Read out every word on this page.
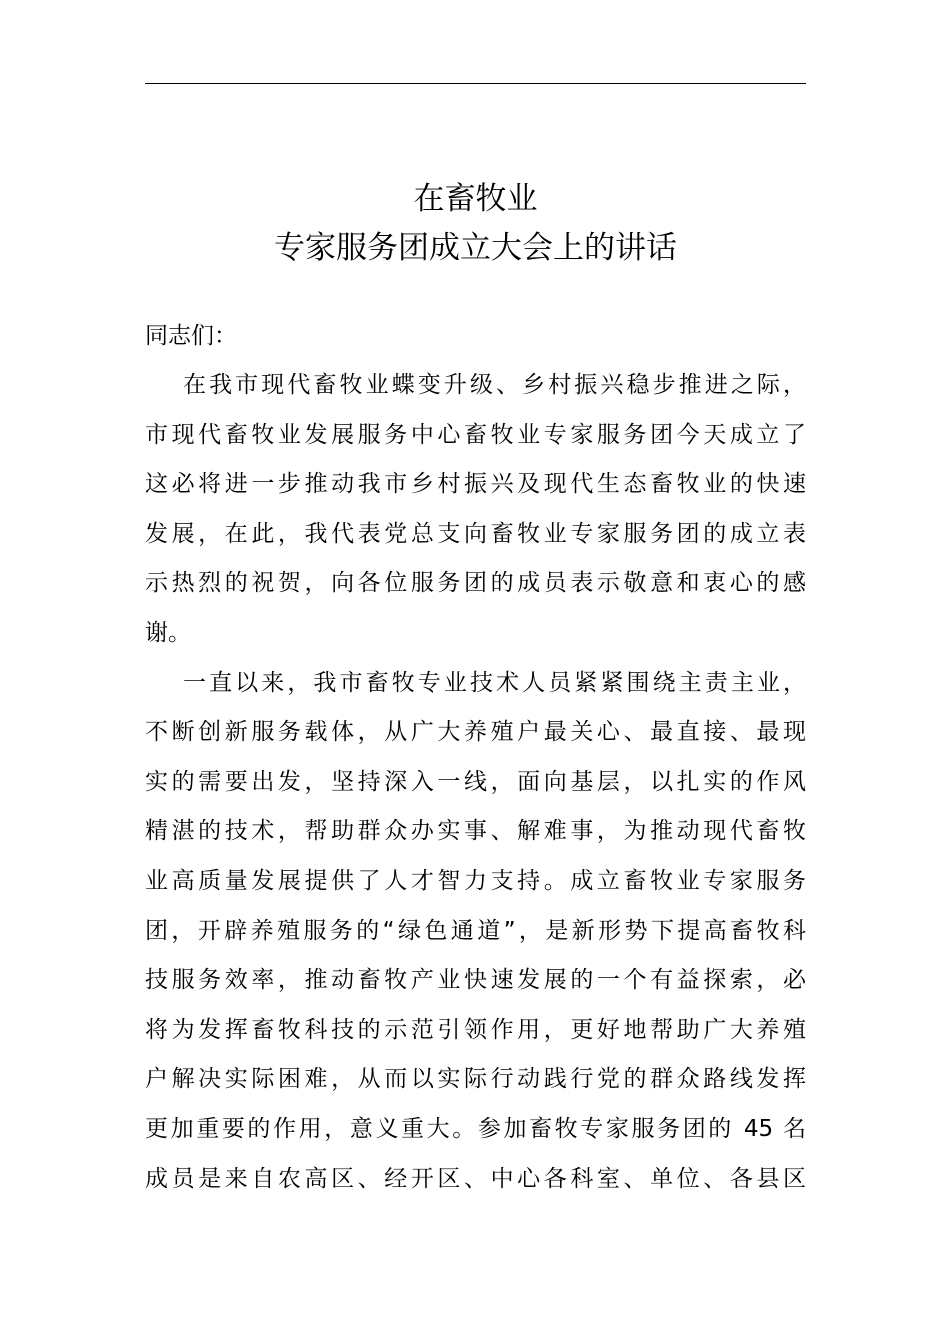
在畜牧业
专家服务团成立大会上的讲话
同志们：
在我市现代畜牧业蝶变升级、乡村振兴稳步推进之际，
市现代畜牧业发展服务中心畜牧业专家服务团今天成立了
这必将进一步推动我市乡村振兴及现代生态畜牧业的快速
发展，在此，我代表党总支向畜牧业专家服务团的成立表
示热烈的祝贺，向各位服务团的成员表示敬意和衷心的感
谢。
一直以来，我市畜牧专业技术人员紧紧围绕主责主业，
不断创新服务载体，从广大养殖户最关心、最直接、最现
实的需要出发，坚持深入一线，面向基层，以扎实的作风
精湛的技术，帮助群众办实事、解难事，为推动现代畜牧
业高质量发展提供了人才智力支持。成立畜牧业专家服务
团，开辟养殖服务的“绿色通道”，是新形势下提高畜牧科
技服务效率，推动畜牧产业快速发展的一个有益探索，必
将为发挥畜牧科技的示范引领作用，更好地帮助广大养殖
户解决实际困难，从而以实际行动践行党的群众路线发挥
更加重要的作用，意义重大。参加畜牧专家服务团的 45 名
成员是来自农高区、经开区、中心各科室、单位、各县区
